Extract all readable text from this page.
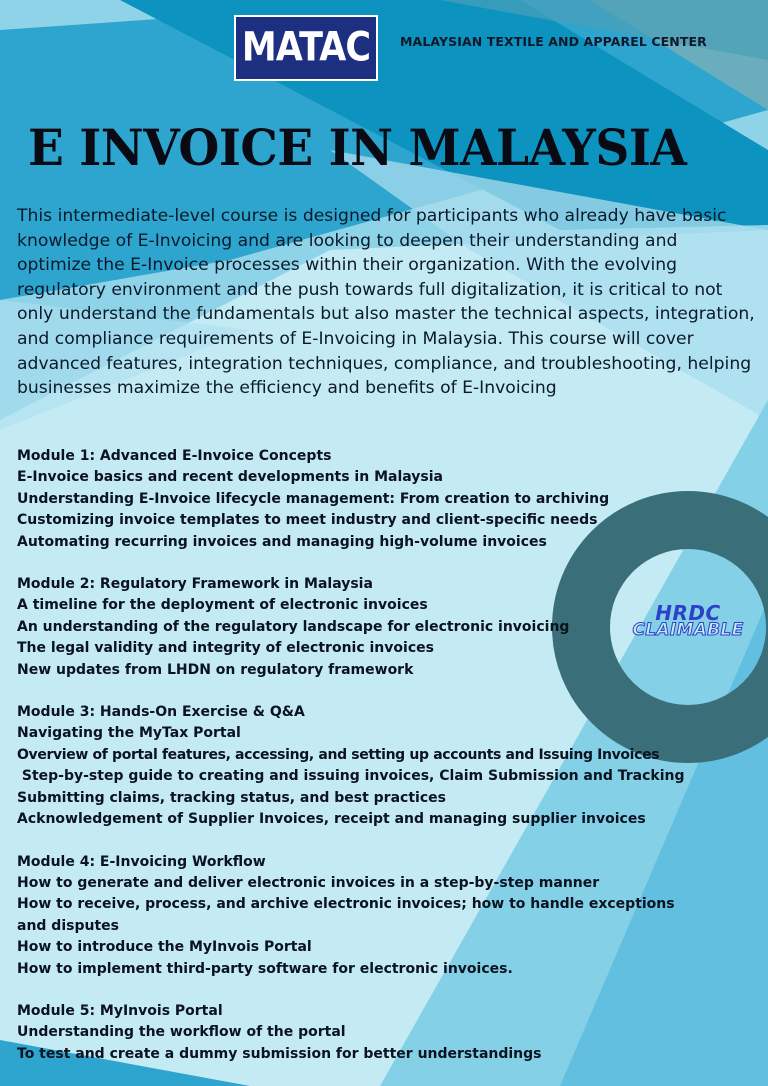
MATAC MALAYSIAN TEXTILE AND APPAREL CENTER
E INVOICE IN MALAYSIA

This intermediate-level course is designed for participants who already have basic knowledge of E-Invoicing and are looking to deepen their understanding and optimize the E-Invoice processes within their organization. With the evolving regulatory environment and the push towards full digitalization, it is critical to not only understand the fundamentals but also master the technical aspects, integration, and compliance requirements of E-Invoicing in Malaysia. This course will cover advanced features, integration techniques, compliance, and troubleshooting, helping businesses maximize the efficiency and benefits of E-Invoicing

Module 1: Advanced E-Invoice Concepts
E-Invoice basics and recent developments in Malaysia
Understanding E-Invoice lifecycle management: From creation to archiving
Customizing invoice templates to meet industry and client-specific needs
Automating recurring invoices and managing high-volume invoices
Module 2: Regulatory Framework in Malaysia
A timeline for the deployment of electronic invoices
An understanding of the regulatory landscape for electronic invoicing
The legal validity and integrity of electronic invoices
New updates from LHDN on regulatory framework
Module 3: Hands-On Exercise & Q&A
Navigating the MyTax Portal
Overview of portal features, accessing, and setting up accounts and Issuing Invoices
Step-by-step guide to creating and issuing invoices, Claim Submission and Tracking
Submitting claims, tracking status, and best practices
Acknowledgement of Supplier Invoices, receipt and managing supplier invoices
Module 4: E-Invoicing Workflow
How to generate and deliver electronic invoices in a step-by-step manner
How to receive, process, and archive electronic invoices; how to handle exceptions and disputes
How to introduce the MyInvois Portal
How to implement third-party software for electronic invoices.
Module 5: MyInvois Portal
Understanding the workflow of the portal
To test and create a dummy submission for better understandings
HRDC
CLAIMABLE
